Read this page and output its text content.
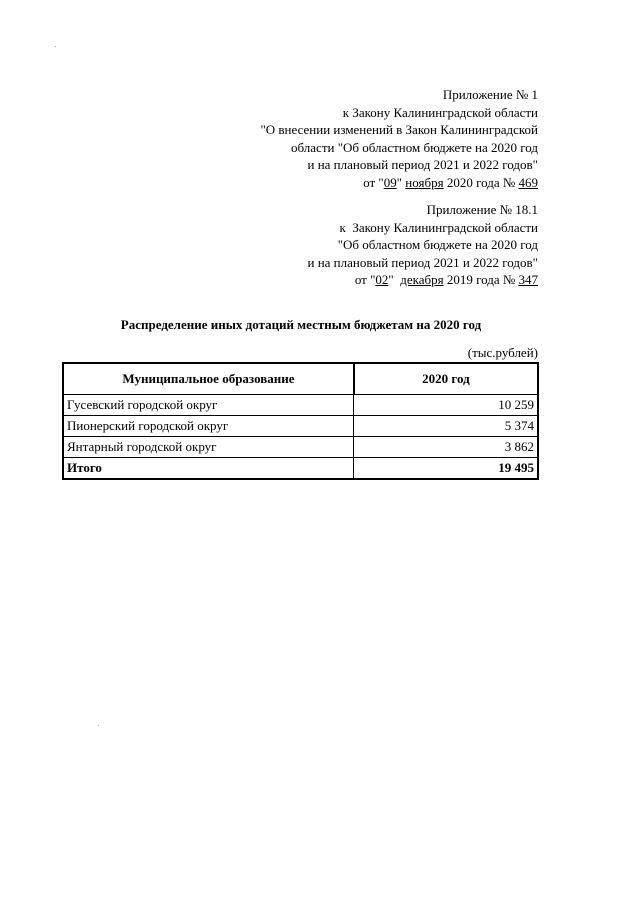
Приложение № 1
к Закону Калининградской области
"О внесении изменений в Закон Калининградской
области "Об областном бюджете на 2020 год
и на плановый период 2021 и 2022 годов"
от "09" ноября 2020 года № 469
Приложение № 18.1
к  Закону Калининградской области
"Об областном бюджете на 2020 год
и на плановый период 2021 и 2022 годов"
от "02"  декабря 2019 года № 347
Распределение иных дотаций местным бюджетам на 2020 год
(тыс.рублей)
Муниципальное образование	2020 год
Гусевский городской округ	10 259
Пионерский городской округ	5 374
Янтарный городской округ	3 862
Итого	19 495
